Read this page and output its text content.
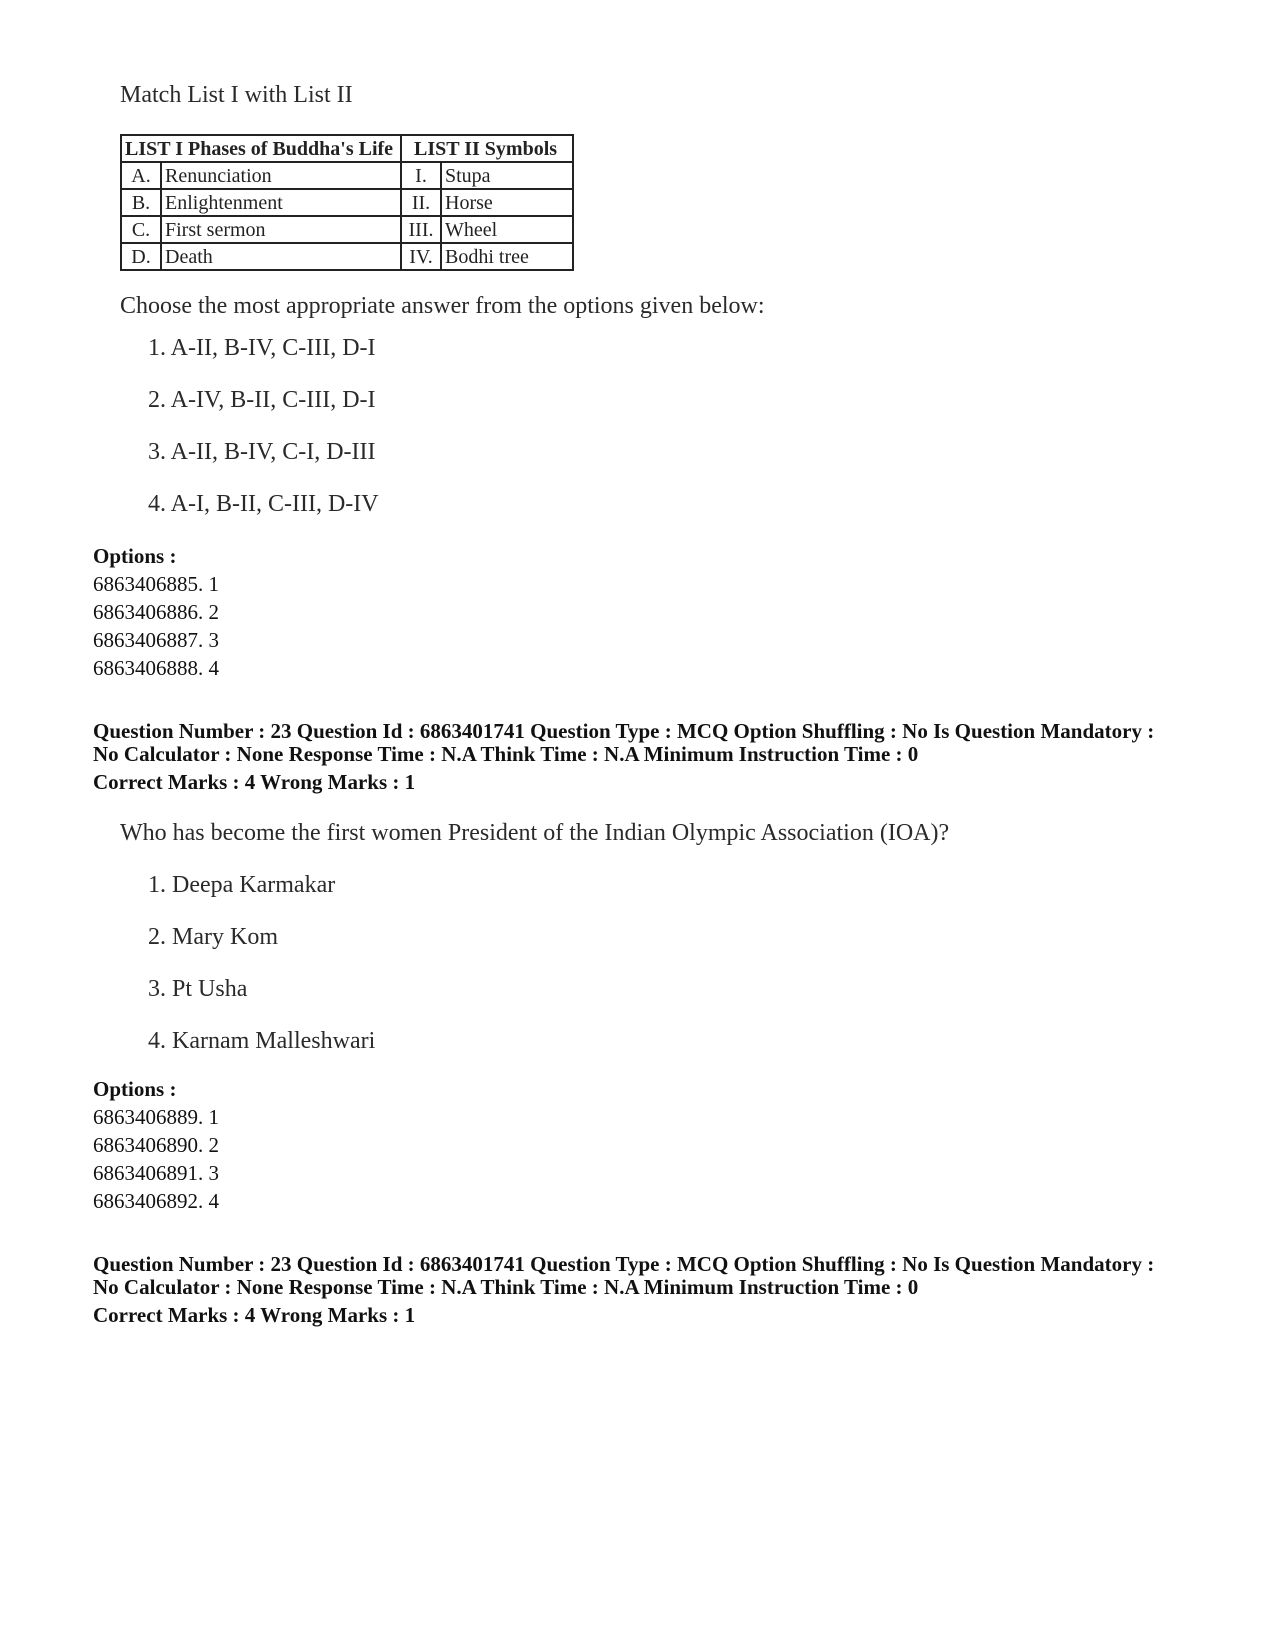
Match List I with List II
LIST I Phases of Buddha's Life		LIST II Symbols	
A.	Renunciation	I.	Stupa
B.	Enlightenment	II.	Horse
C.	First sermon	III.	Wheel
D.	Death	IV.	Bodhi tree
Choose the most appropriate answer from the options given below:
1. A-II, B-IV, C-III, D-I
2. A-IV, B-II, C-III, D-I
3. A-II, B-IV, C-I, D-III
4. A-I, B-II, C-III, D-IV
Options :
6863406885. 1
6863406886. 2
6863406887. 3
6863406888. 4
Question Number : 23 Question Id : 6863401741 Question Type : MCQ Option Shuffling : No Is Question Mandatory :
No Calculator : None Response Time : N.A Think Time : N.A Minimum Instruction Time : 0
Correct Marks : 4 Wrong Marks : 1
Who has become the first women President of the Indian Olympic Association (IOA)?
1. Deepa Karmakar
2. Mary Kom
3. Pt Usha
4. Karnam Malleshwari
Options :
6863406889. 1
6863406890. 2
6863406891. 3
6863406892. 4
Question Number : 23 Question Id : 6863401741 Question Type : MCQ Option Shuffling : No Is Question Mandatory :
No Calculator : None Response Time : N.A Think Time : N.A Minimum Instruction Time : 0
Correct Marks : 4 Wrong Marks : 1
